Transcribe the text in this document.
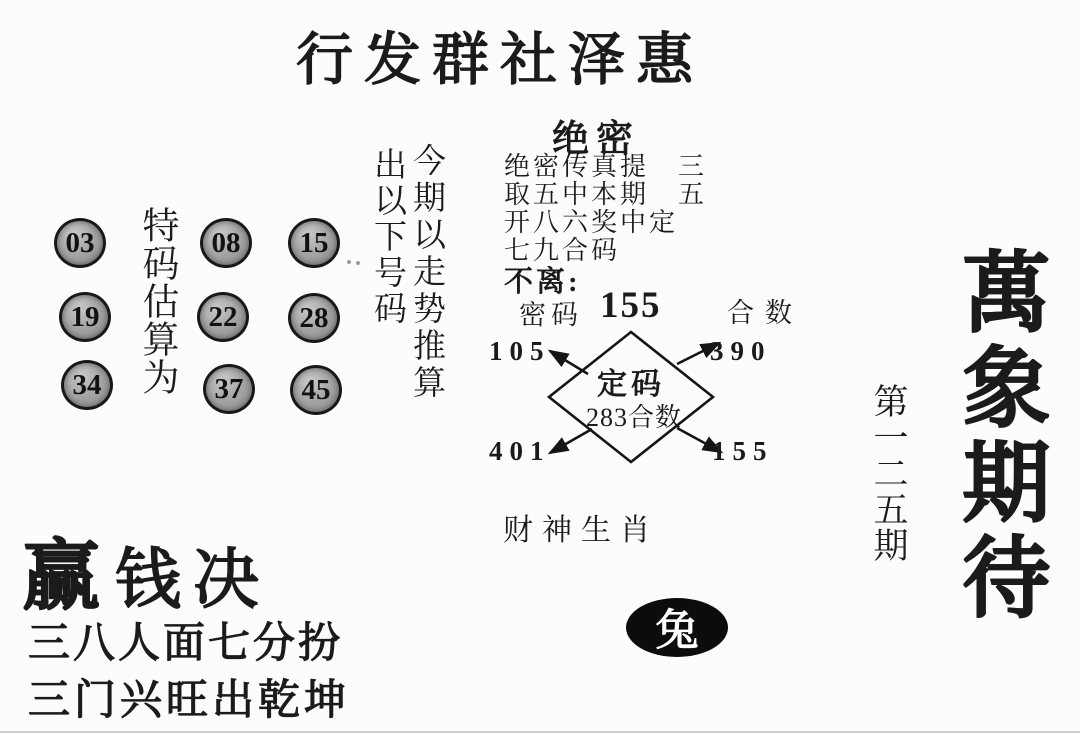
行发群社泽惠
03	08	15
19	22	28
34	37	45
特码估算为	出以下号码 今期以走势推算
绝密
绝密传真提　三
取五中本期　五
开八六奖中定
七九合码
不离:
密码 155 合数
定码
283合数
105	390
401	155
财神生肖
兔
第一二五期 萬象期待
赢 钱决
三八人面七分扮
三门兴旺出乾坤
